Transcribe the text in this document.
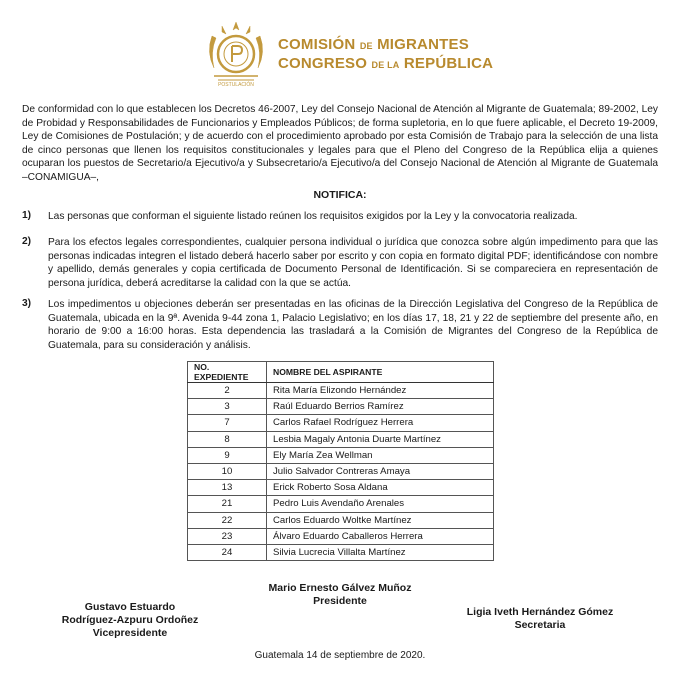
POSTULACIÓN
COMISIÓN DE MIGRANTES
CONGRESO DE LA REPÚBLICA
De conformidad con lo que establecen los Decretos 46-2007, Ley del Consejo Nacional de Atención al Migrante de Guatemala; 89-2002, Ley de Probidad y Responsabilidades de Funcionarios y Empleados Públicos; de forma supletoria, en lo que fuere aplicable, el Decreto 19-2009, Ley de Comisiones de Postulación; y de acuerdo con el procedimiento aprobado por esta Comisión de Trabajo para la selección de una lista de cinco personas que llenen los requisitos constitucionales y legales para que el Pleno del Congreso de la República elija a quienes ocuparan los puestos de Secretario/a Ejecutivo/a y Subsecretario/a Ejecutivo/a del Consejo Nacional de Atención al Migrante de Guatemala –CONAMIGUA–,
NOTIFICA:
1) Las personas que conforman el siguiente listado reúnen los requisitos exigidos por la Ley y la convocatoria realizada.
2) Para los efectos legales correspondientes, cualquier persona individual o jurídica que conozca sobre algún impedimento para que las personas indicadas integren el listado deberá hacerlo saber por escrito y con copia en formato digital PDF; identificándose con nombre y apellido, demás generales y copia certificada de Documento Personal de Identificación. Si se compareciera en representación de persona jurídica, deberá acreditarse la calidad con la que se actúa.
3) Los impedimentos u objeciones deberán ser presentadas en las oficinas de la Dirección Legislativa del Congreso de la República de Guatemala, ubicada en la 9ª. Avenida 9-44 zona 1, Palacio Legislativo; en los días 17, 18, 21 y 22 de septiembre del presente año, en horario de 9:00 a 16:00 horas. Esta dependencia las trasladará a la Comisión de Migrantes del Congreso de la República de Guatemala, para su consideración y análisis.
NO. EXPEDIENTE	NOMBRE DEL ASPIRANTE
2	Rita María Elizondo Hernández
3	Raúl Eduardo Berrios Ramírez
7	Carlos Rafael Rodríguez Herrera
8	Lesbia Magaly Antonia Duarte Martínez
9	Ely María Zea Wellman
10	Julio Salvador Contreras Amaya
13	Erick Roberto Sosa Aldana
21	Pedro Luis Avendaño Arenales
22	Carlos Eduardo Woltke Martínez
23	Álvaro Eduardo Caballeros Herrera
24	Silvia Lucrecia Villalta Martínez
Mario Ernesto Gálvez Muñoz
Presidente
Gustavo Estuardo
Rodríguez-Azpuru Ordoñez
Vicepresidente
Ligia Iveth Hernández Gómez
Secretaria
Guatemala 14 de septiembre de 2020.
